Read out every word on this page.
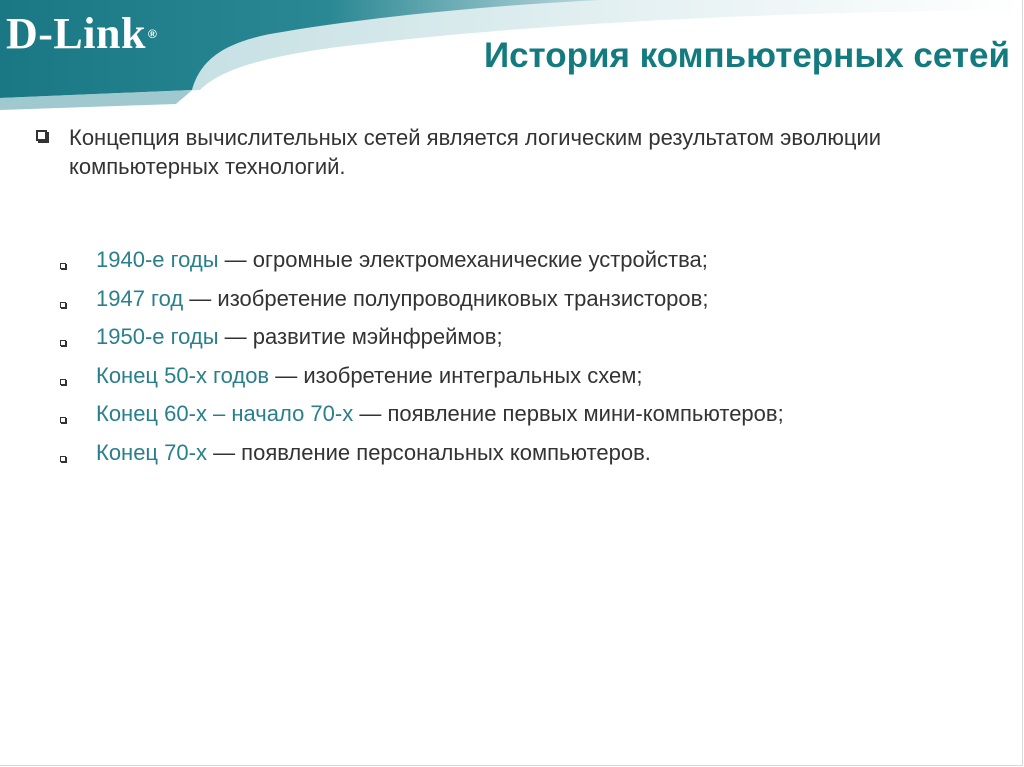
D-Link ®
История компьютерных сетей
Концепция вычислительных сетей является логическим результатом эволюции компьютерных технологий.
1940-е годы — огромные электромеханические устройства;
1947 год — изобретение полупроводниковых транзисторов;
1950-е годы — развитие мэйнфреймов;
Конец 50-х годов — изобретение интегральных схем;
Конец 60-х – начало 70-х — появление первых мини-компьютеров;
Конец 70-х — появление персональных компьютеров.
